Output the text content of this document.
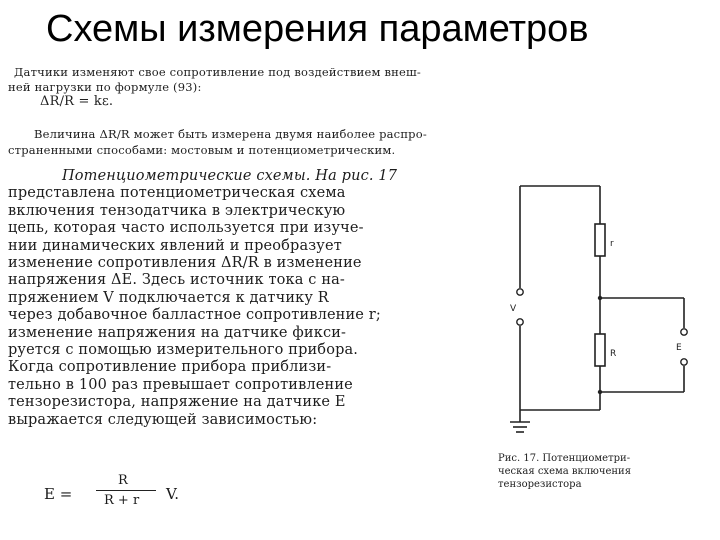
Схемы измерения параметров
Датчики изменяют свое сопротивление под воздействием внеш-
ней нагрузки по формуле (93):
ΔR/R = kε.
Величина ΔR/R может быть измерена двумя наиболее распро-
страненными способами: мостовым и потенциометрическим.
Потенциометрические схемы. На рис. 17
представлена потенциометрическая схема
включения тензодатчика в электрическую
цепь, которая часто используется при изуче-
нии динамических явлений и преобразует
изменение сопротивления ΔR/R в изменение
напряжения ΔE. Здесь источник тока с на-
пряжением V подключается к датчику R
через добавочное балластное сопротивление r;
изменение напряжения на датчике фикси-
руется с помощью измерительного прибора.
Когда сопротивление прибора приблизи-
тельно в 100 раз превышает сопротивление
тензорезистора, напряжение на датчике E
выражается следующей зависимостью:
E =
R
R + r V.
r
V
R
E
Рис. 17. Потенциометри-
ческая схема включения
тензорезистора
